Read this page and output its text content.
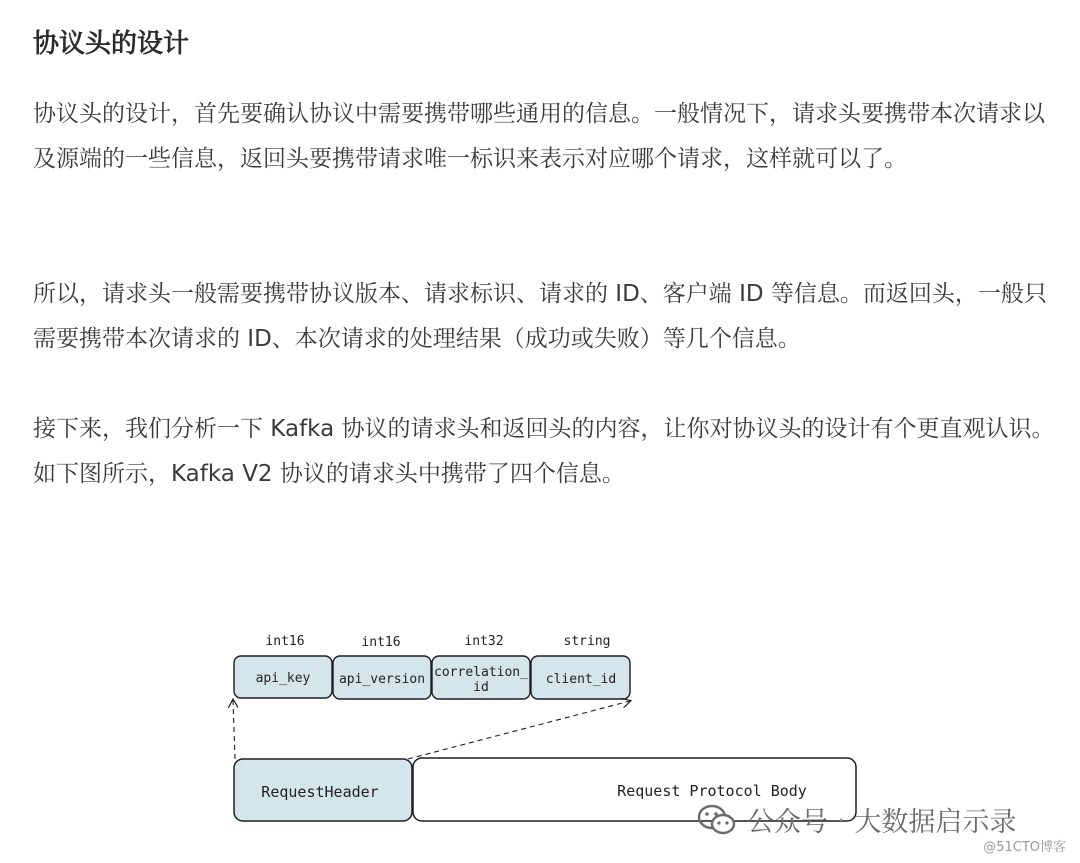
协议头的设计

协议头的设计，首先要确认协议中需要携带哪些通用的信息。一般情况下，请求头要携带本次请求以及源端的一些信息，返回头要携带请求唯一标识来表示对应哪个请求，这样就可以了。

所以，请求头一般需要携带协议版本、请求标识、请求的 ID、客户端 ID 等信息。而返回头，一般只需要携带本次请求的 ID、本次请求的处理结果（成功或失败）等几个信息。

接下来，我们分析一下 Kafka 协议的请求头和返回头的内容，让你对协议头的设计有个更直观认识。如下图所示，Kafka V2 协议的请求头中携带了四个信息。

int16	int16	int32	string
api_key api_version correlation_
id
client_id
RequestHeader	Request Protocol Body
公众号 · 大数据启示录
@51CTO博客
